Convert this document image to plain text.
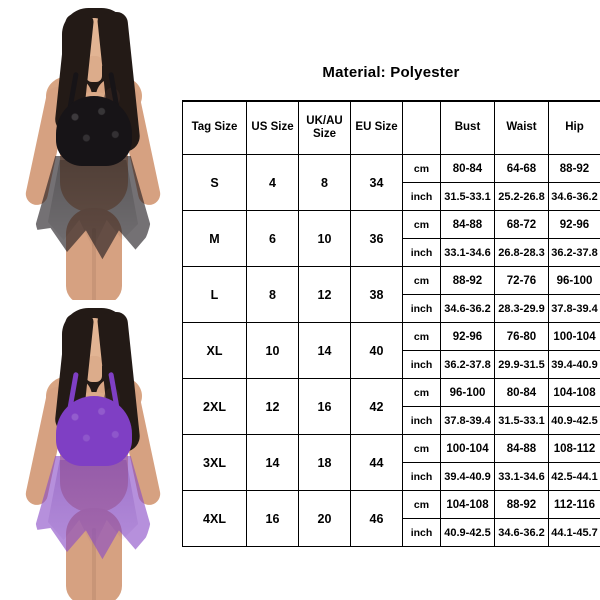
Material: Polyester
Tag Size	US Size	UK/AU Size	EU Size		Bust	Waist	Hip
S	4	8	34	cm	80-84	64-68	88-92
				inch	31.5-33.1	25.2-26.8	34.6-36.2
M	6	10	36	cm	84-88	68-72	92-96
				inch	33.1-34.6	26.8-28.3	36.2-37.8
L	8	12	38	cm	88-92	72-76	96-100
				inch	34.6-36.2	28.3-29.9	37.8-39.4
XL	10	14	40	cm	92-96	76-80	100-104
				inch	36.2-37.8	29.9-31.5	39.4-40.9
2XL	12	16	42	cm	96-100	80-84	104-108
				inch	37.8-39.4	31.5-33.1	40.9-42.5
3XL	14	18	44	cm	100-104	84-88	108-112
				inch	39.4-40.9	33.1-34.6	42.5-44.1
4XL	16	20	46	cm	104-108	88-92	112-116
				inch	40.9-42.5	34.6-36.2	44.1-45.7
